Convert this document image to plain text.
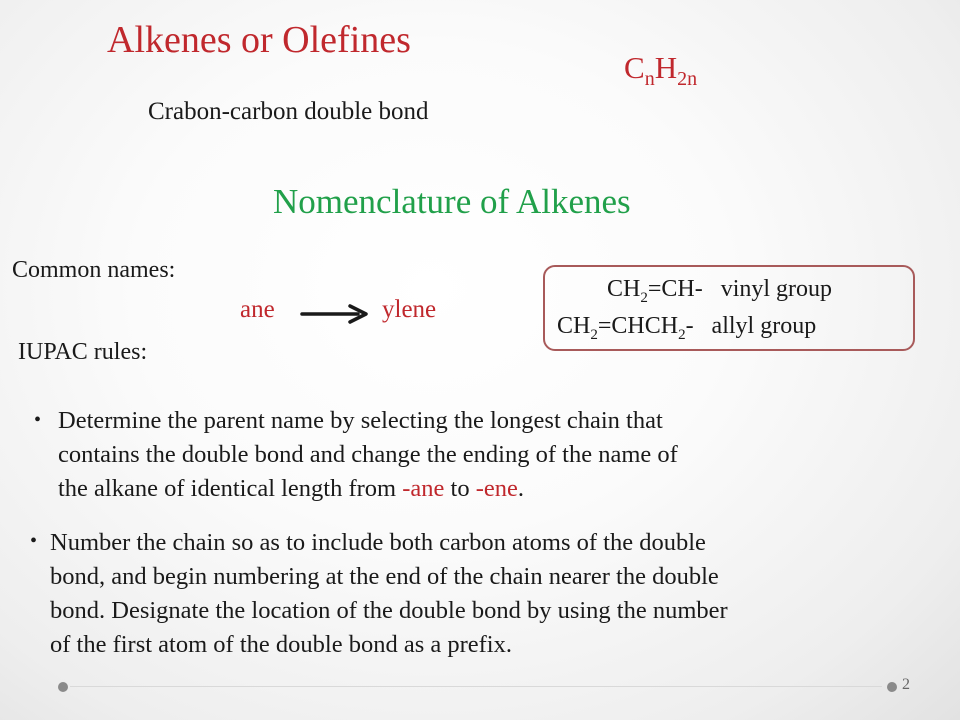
Alkenes or Olefines
$C_nH_{2n}$
Crabon-carbon double bond
Nomenclature of Alkenes
Common names:
ane	ylene
IUPAC rules:
$CH_2=CH-$   vinyl group
$CH_2=CHCH_2-$   allyl group
• Determine the parent name by selecting the longest chain that
contains the double bond and change the ending of the name of
the alkane of identical length from -ane to -ene.
• Number the chain so as to include both carbon atoms of the double
bond, and begin numbering at the end of the chain nearer the double
bond. Designate the location of the double bond by using the number
of the first atom of the double bond as a prefix.
2
